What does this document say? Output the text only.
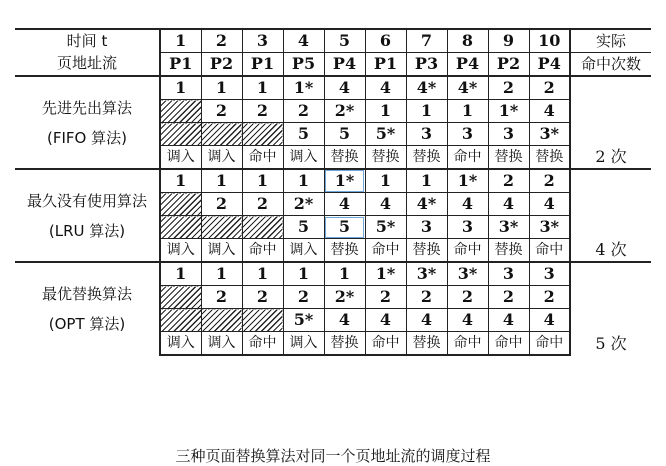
时间 t	1	2	3	4	5	6	7	8	9	10	实际
页地址流	P1	P2	P1	P5	P4	P1	P3	P4	P2	P4	命中次数

先进先出算法
(FIFO 算法)	1	1	1	1*	4	4	4*	4*	2	2	2 次
		2	2	2	2*	1	1	1	1*	4	
				5	5	5*	3	3	3	3*	
	调入	调入	命中	调入	替换	替换	替换	命中	替换	替换	

最久没有使用算法
(LRU 算法)	1	1	1	1	1*	1	1	1*	2	2	4 次
		2	2	2*	4	4	4*	4	4	4	
				5	5	5*	3	3	3*	3*	
	调入	调入	命中	调入	替换	命中	替换	命中	替换	命中	

最优替换算法
(OPT 算法)	1	1	1	1	1	1*	3*	3*	3	3	5 次
		2	2	2	2*	2	2	2	2	2	
				5*	4	4	4	4	4	4	
	调入	调入	命中	调入	替换	命中	替换	命中	命中	命中	
三种页面替换算法对同一个页地址流的调度过程
